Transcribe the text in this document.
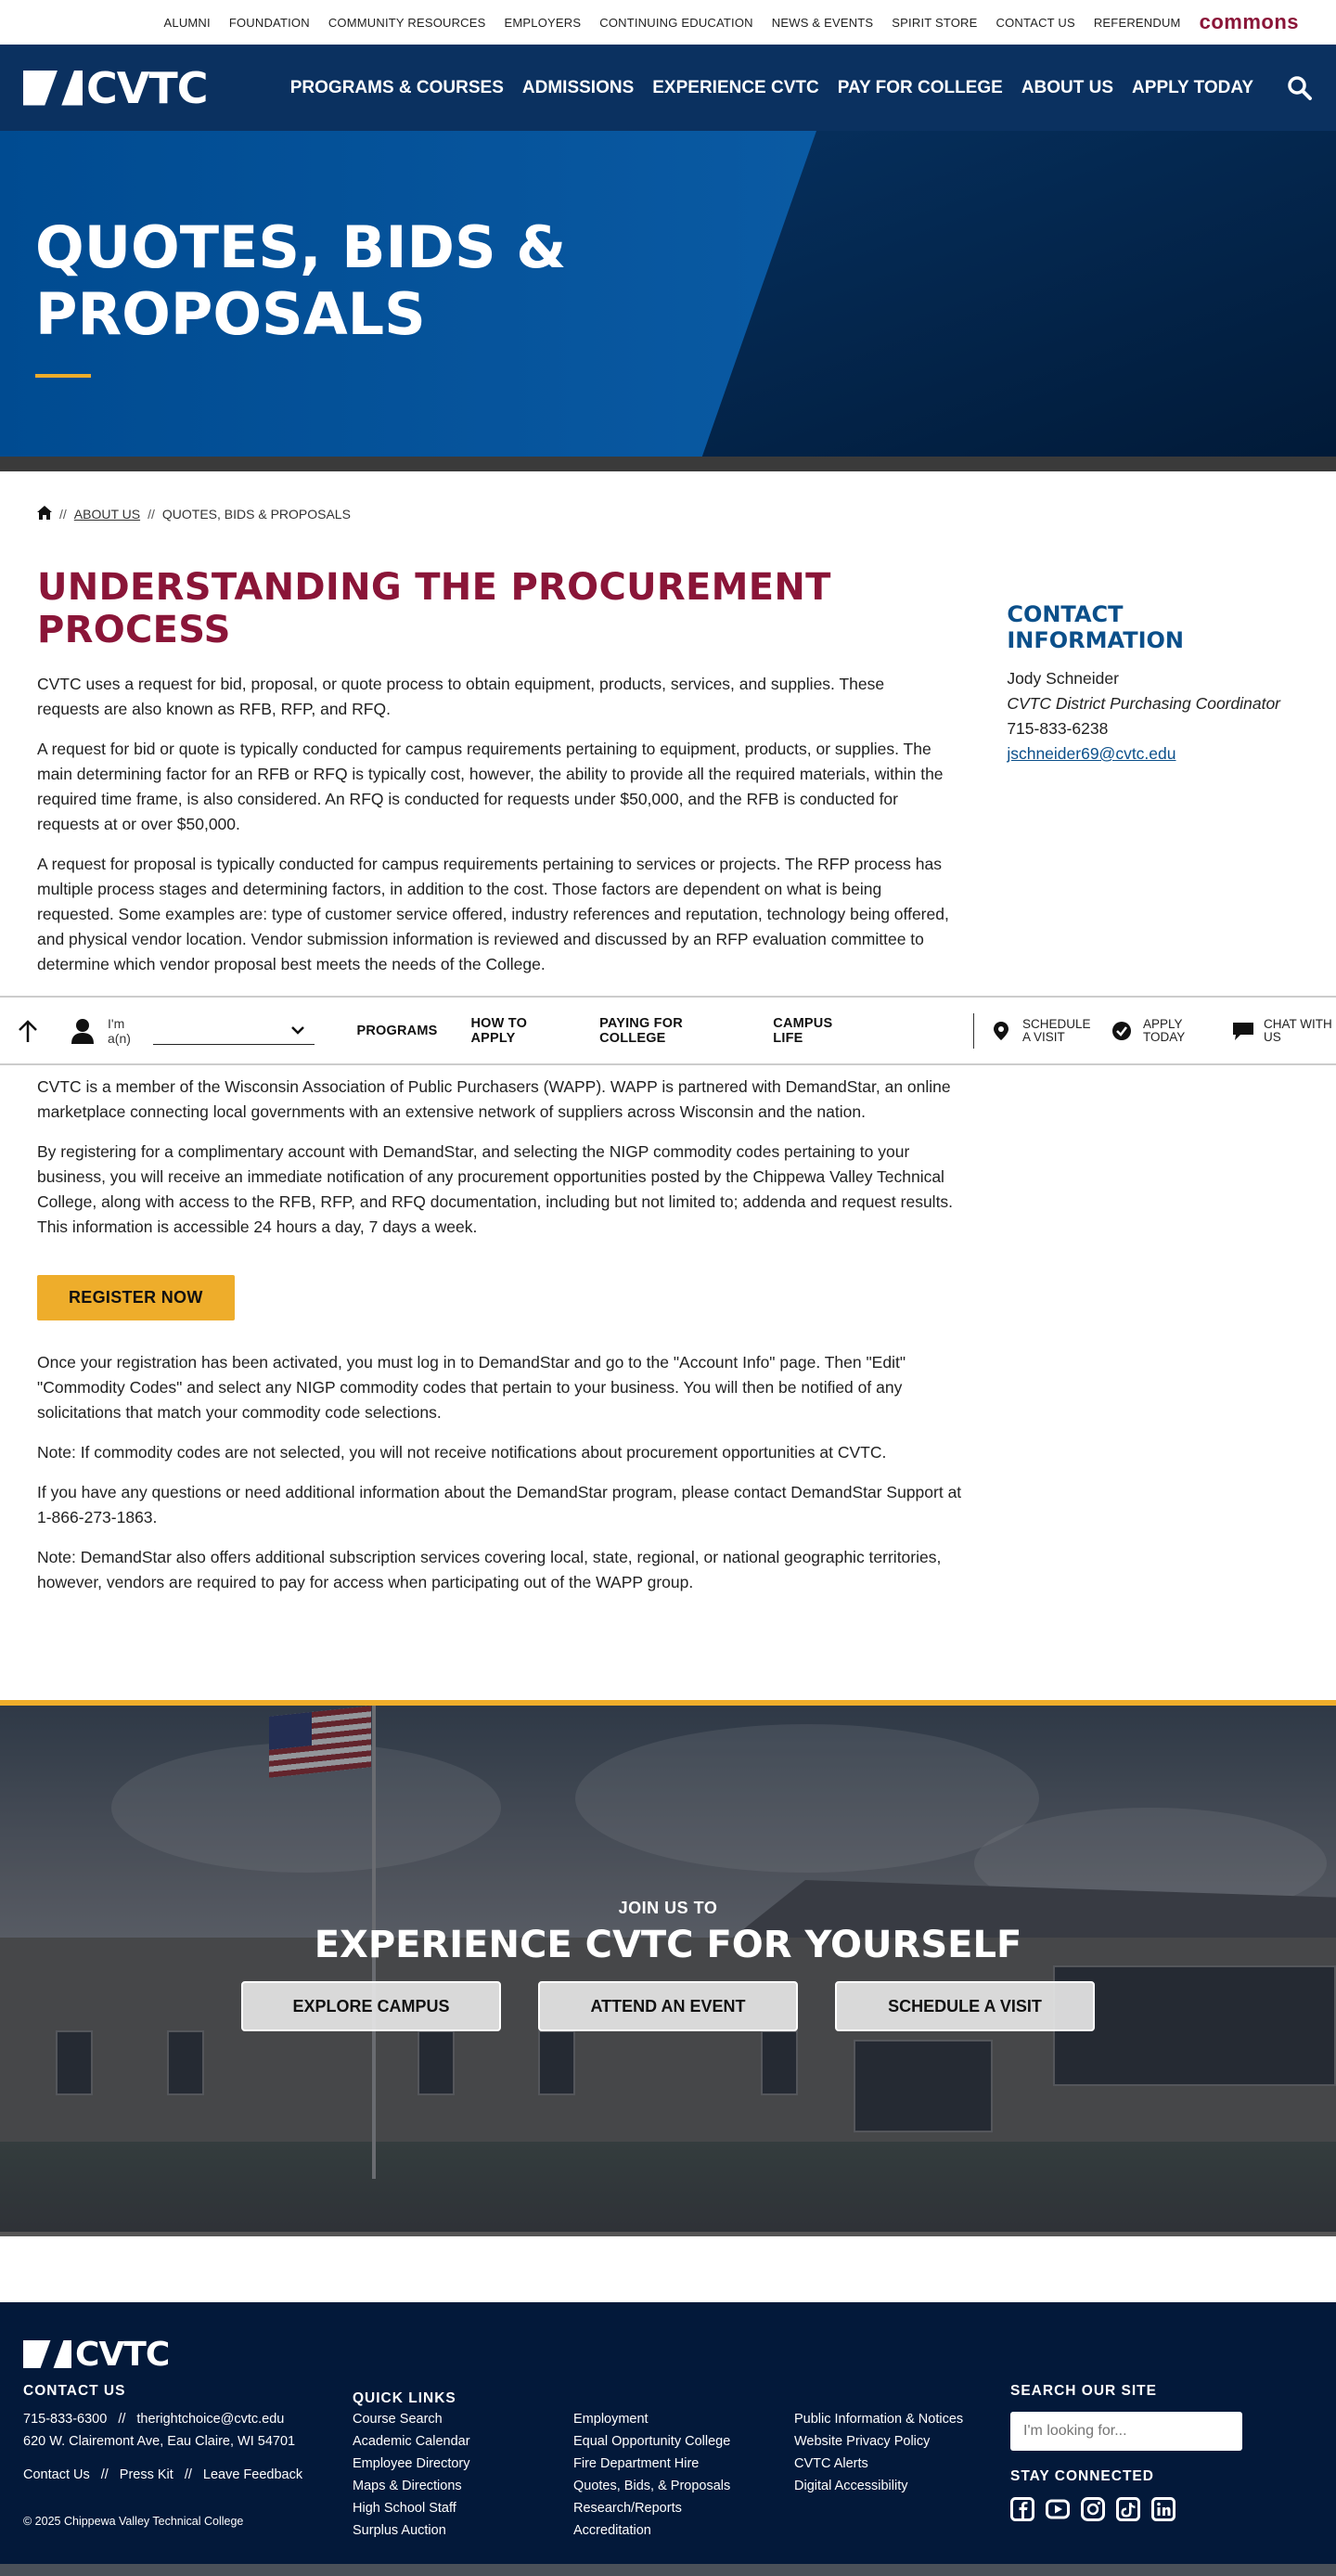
ALUMNI FOUNDATION COMMUNITY RESOURCES EMPLOYERS CONTINUING EDUCATION NEWS & EVENTS SPIRIT STORE CONTACT US REFERENDUM commons
CVTC	PROGRAMS & COURSES ADMISSIONS EXPERIENCE CVTC PAY FOR COLLEGE ABOUT US APPLY TODAY
QUOTES, BIDS & PROPOSALS
// ABOUT US // QUOTES, BIDS & PROPOSALS
UNDERSTANDING THE PROCUREMENT PROCESS

CVTC uses a request for bid, proposal, or quote process to obtain equipment, products, services, and supplies. These requests are also known as RFB, RFP, and RFQ.

A request for bid or quote is typically conducted for campus requirements pertaining to equipment, products, or supplies. The main determining factor for an RFB or RFQ is typically cost, however, the ability to provide all the required materials, within the required time frame, is also considered. An RFQ is conducted for requests under $50,000, and the RFB is conducted for requests at or over $50,000.

A request for proposal is typically conducted for campus requirements pertaining to services or projects. The RFP process has multiple process stages and determining factors, in addition to the cost. Those factors are dependent on what is being requested. Some examples are: type of customer service offered, industry references and reputation, technology being offered, and physical vendor location. Vendor submission information is reviewed and discussed by an RFP evaluation committee to determine which vendor proposal best meets the needs of the College.

CONTACT INFORMATION
Jody Schneider
CVTC District Purchasing Coordinator
715-833-6238
jschneider69@cvtc.edu
I'm a(n)	PROGRAMS HOW TO APPLY
PAYING FOR COLLEGE
CAMPUS LIFE
SCHEDULE A VISIT
APPLY TODAY
CHAT WITH US

CVTC is a member of the Wisconsin Association of Public Purchasers (WAPP). WAPP is partnered with DemandStar, an online marketplace connecting local governments with an extensive network of suppliers across Wisconsin and the nation.

By registering for a complimentary account with DemandStar, and selecting the NIGP commodity codes pertaining to your business, you will receive an immediate notification of any procurement opportunities posted by the Chippewa Valley Technical College, along with access to the RFB, RFP, and RFQ documentation, including but not limited to; addenda and request results. This information is accessible 24 hours a day, 7 days a week.

REGISTER NOW

Once your registration has been activated, you must log in to DemandStar and go to the "Account Info" page. Then "Edit" "Commodity Codes" and select any NIGP commodity codes that pertain to your business. You will then be notified of any solicitations that match your commodity code selections.

Note: If commodity codes are not selected, you will not receive notifications about procurement opportunities at CVTC.

If you have any questions or need additional information about the DemandStar program, please contact DemandStar Support at 1-866-273-1863.

Note: DemandStar also offers additional subscription services covering local, state, regional, or national geographic territories, however, vendors are required to pay for access when participating out of the WAPP group.

JOIN US TO
EXPERIENCE CVTC FOR YOURSELF
EXPLORE CAMPUS	ATTEND AN EVENT	SCHEDULE A VISIT
CVTC
QUICK LINKS
CONTACT US
715-833-6300 // therightchoice@cvtc.edu
620 W. Clairemont Ave, Eau Claire, WI 54701
Contact Us // Press Kit // Leave Feedback
© 2025 Chippewa Valley Technical College
Course Search
Academic Calendar
Employee Directory
Maps & Directions
High School Staff
Surplus Auction
Employment
Equal Opportunity College
Fire Department Hire
Quotes, Bids, & Proposals
Research/Reports
Accreditation
Public Information & Notices
Website Privacy Policy
CVTC Alerts
Digital Accessibility
SEARCH OUR SITE
I'm looking for...
STAY CONNECTED
